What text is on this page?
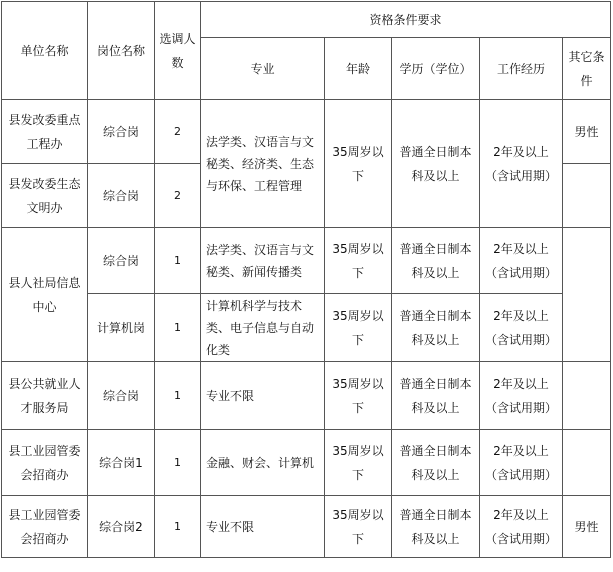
单位名称	岗位名称	选调人数	资格条件要求				
			专业	年龄	学历（学位）	工作经历	其它条件
县发改委重点工程办	综合岗	2	法学类、汉语言与文秘类、经济类、生态与环保、工程管理	35周岁以下	普通全日制本科及以上	2年及以上（含试用期）	男性
县发改委生态文明办	综合岗	2					
县人社局信息中心	综合岗	1	法学类、汉语言与文秘类、新闻传播类	35周岁以下	普通全日制本科及以上	2年及以上（含试用期）	
	计算机岗	1	计算机科学与技术类、电子信息与自动化类	35周岁以下	普通全日制本科及以上	2年及以上（含试用期）	
县公共就业人才服务局	综合岗	1	专业不限	35周岁以下	普通全日制本科及以上	2年及以上（含试用期）	
县工业园管委会招商办	综合岗1	1	金融、财会、计算机	35周岁以下	普通全日制本科及以上	2年及以上（含试用期）	
县工业园管委会招商办	综合岗2	1	专业不限	35周岁以下	普通全日制本科及以上	2年及以上（含试用期）	男性
